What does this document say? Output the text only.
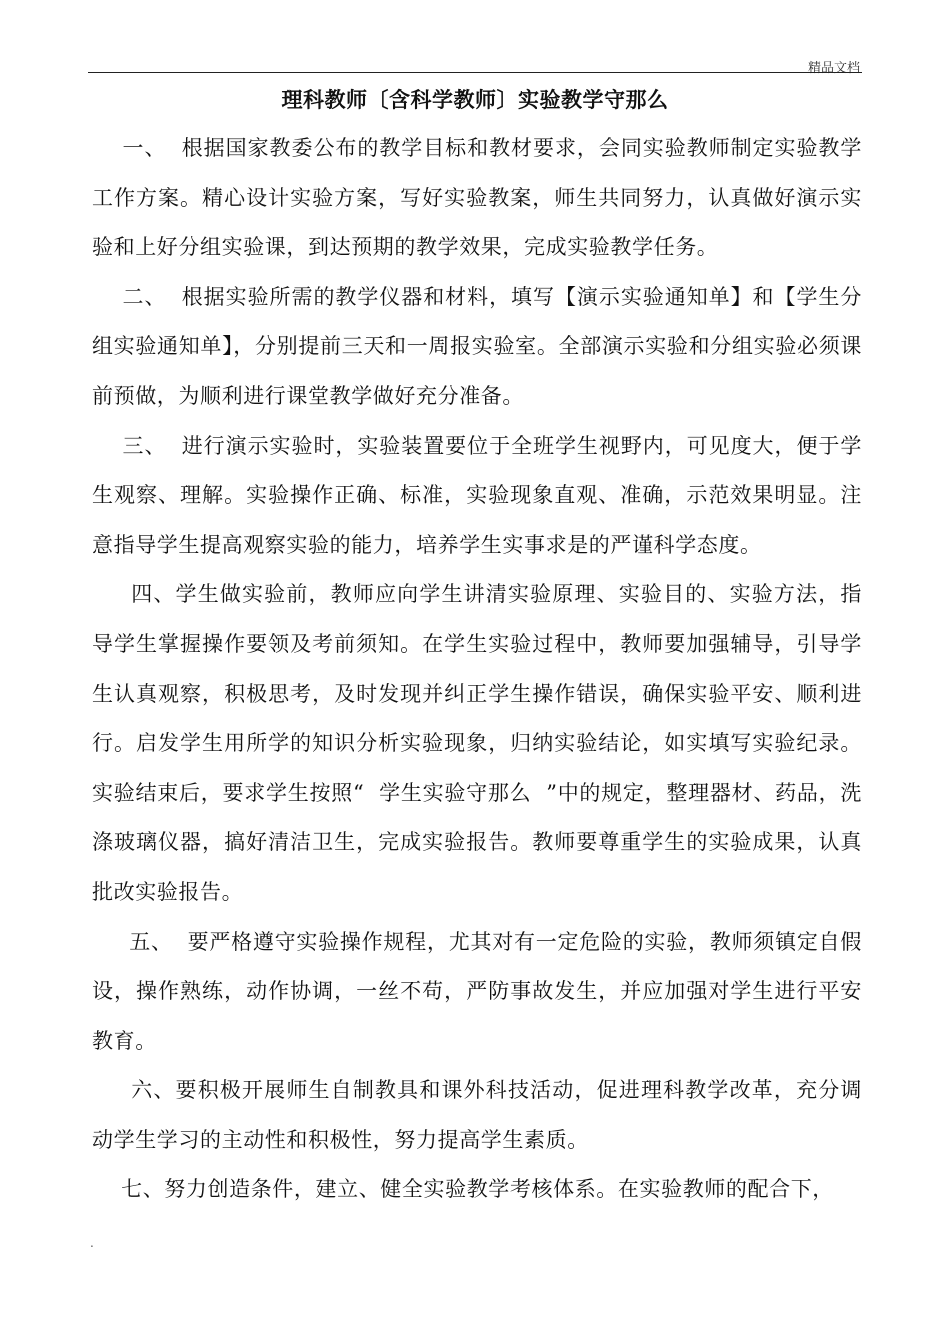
精品文档
理科教师〔含科学教师〕实验教学守那么

一、  根据国家教委公布的教学目标和教材要求，会同实验教师制定实验教学工作方案。精心设计实验方案，写好实验教案，师生共同努力，认真做好演示实验和上好分组实验课，到达预期的教学效果，完成实验教学任务。

二、  根据实验所需的教学仪器和材料，填写【演示实验通知单】和【学生分组实验通知单】，分别提前三天和一周报实验室。全部演示实验和分组实验必须课前预做，为顺利进行课堂教学做好充分准备。

三、  进行演示实验时，实验装置要位于全班学生视野内，可见度大，便于学生观察、理解。实验操作正确、标准，实验现象直观、准确，示范效果明显。注意指导学生提高观察实验的能力，培养学生实事求是的严谨科学态度。

四、学生做实验前，教师应向学生讲清实验原理、实验目的、实验方法，指导学生掌握操作要领及考前须知。在学生实验过程中，教师要加强辅导，引导学生认真观察，积极思考，及时发现并纠正学生操作错误，确保实验平安、顺利进行。启发学生用所学的知识分析实验现象，归纳实验结论，如实填写实验纪录。实验结束后，要求学生按照“  学生实验守那么  ”中的规定，整理器材、药品，洗涤玻璃仪器，搞好清洁卫生，完成实验报告。教师要尊重学生的实验成果，认真批改实验报告。

五、  要严格遵守实验操作规程，尤其对有一定危险的实验，教师须镇定自假设，操作熟练，动作协调，一丝不苟，严防事故发生，并应加强对学生进行平安教育。

六、要积极开展师生自制教具和课外科技活动，促进理科教学改革，充分调动学生学习的主动性和积极性，努力提高学生素质。

七、努力创造条件，建立、健全实验教学考核体系。在实验教师的配合下，

.
